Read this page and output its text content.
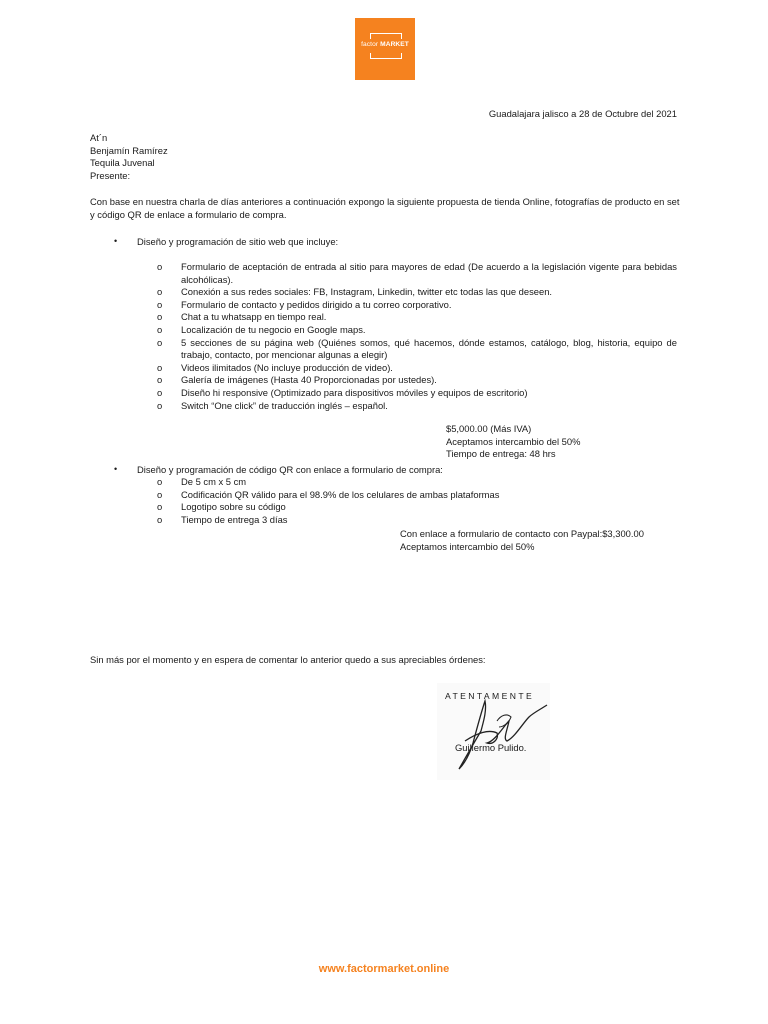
factor MARKET
Guadalajara jalisco a 28 de Octubre del 2021
At´n
Benjamín Ramírez
Tequila Juvenal
Presente:
Con base en nuestra charla de días anteriores a continuación expongo la siguiente propuesta de tienda Online, fotografías de producto en set y código QR de enlace a formulario de compra.
• Diseño y programación de sitio web que incluye:
o Formulario de aceptación de entrada al sitio para mayores de edad (De acuerdo a la legislación vigente para bebidas alcohólicas).
o Conexión a sus redes sociales: FB, Instagram, Linkedin, twitter etc todas las que deseen.
o Formulario de contacto y pedidos dirigido a tu correo corporativo.
o Chat a tu whatsapp en tiempo real.
o Localización de tu negocio en Google maps.
o 5 secciones de su página web (Quiénes somos, qué hacemos, dónde estamos, catálogo, blog, historia, equipo de trabajo, contacto, por mencionar algunas a elegir)
o Videos ilimitados (No incluye producción de video).
o Galería de imágenes (Hasta 40 Proporcionadas por ustedes).
o Diseño hi responsive (Optimizado para dispositivos móviles y equipos de escritorio)
o Switch “One click” de traducción inglés – español.
$5,000.00 (Más IVA)
Aceptamos intercambio del 50%
Tiempo de entrega: 48 hrs
• Diseño y programación de código QR con enlace a formulario de compra:
o De 5 cm x 5 cm
o Codificación QR válido para el 98.9% de los celulares de ambas plataformas
o Logotipo sobre su código
o Tiempo de entrega 3 días
Con enlace a formulario de contacto con Paypal:$3,300.00
Aceptamos intercambio del 50%
Sin más por el momento y en espera de comentar lo anterior quedo a sus apreciables órdenes:
ATENTAMENTE
Guillermo Pulido.
www.factormarket.online
